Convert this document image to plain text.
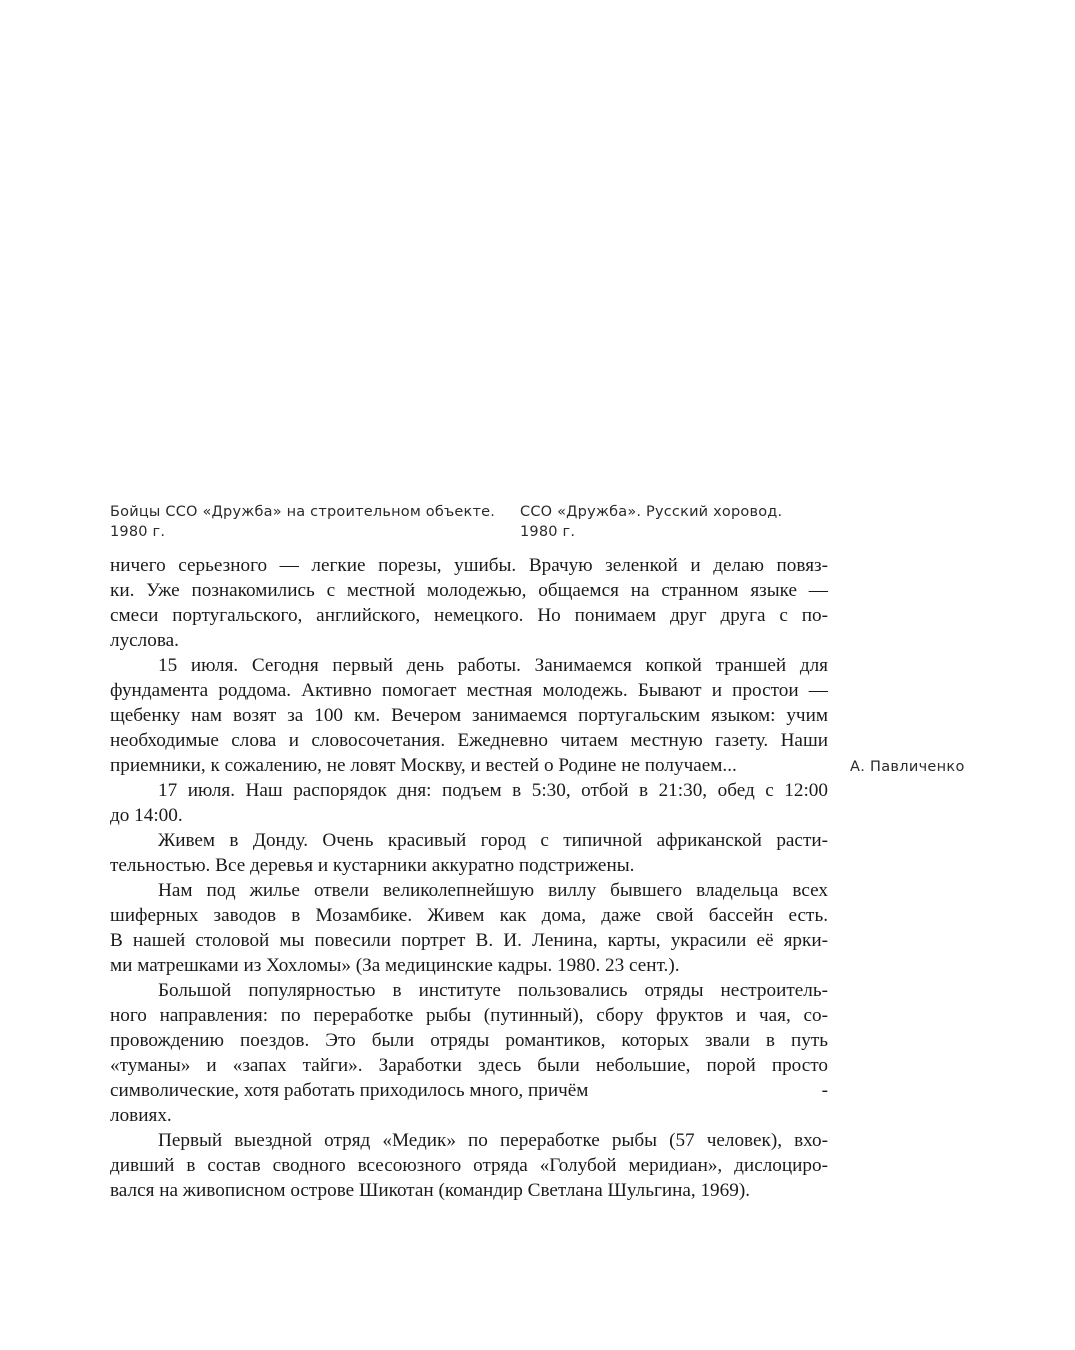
Бойцы ССО «Дружба» на строительном объекте.
1980 г.
ССО «Дружба». Русский хоровод.
1980 г.
А. Павличенко

ничего серьезного — легкие порезы, ушибы. Врачую зеленкой и делаю повяз-
ки. Уже познакомились с местной молодежью, общаемся на странном языке —
смеси португальского, английского, немецкого. Но понимаем друг друга с по-
луслова.

15 июля. Сегодня первый день работы. Занимаемся копкой траншей для
фундамента роддома. Активно помогает местная молодежь. Бывают и простои —
щебенку нам возят за 100 км. Вечером занимаемся португальским языком: учим
необходимые слова и словосочетания. Ежедневно читаем местную газету. Наши
приемники, к сожалению, не ловят Москву, и вестей о Родине не получаем...

17 июля. Наш распорядок дня: подъем в 5:30, отбой в 21:30, обед с 12:00
до 14:00.

Живем в Донду. Очень красивый город с типичной африканской расти-
тельностью. Все деревья и кустарники аккуратно подстрижены.

Нам под жилье отвели великолепнейшую виллу бывшего владельца всех
шиферных заводов в Мозамбике. Живем как дома, даже свой бассейн есть.
В нашей столовой мы повесили портрет В. И. Ленина, карты, украсили её ярки-
ми матрешками из Хохломы» (За медицинские кадры. 1980. 23 сент.).

Большой популярностью в институте пользовались отряды нестроитель-
ного направления: по переработке рыбы (путинный), сбору фруктов и чая, со-
провождению поездов. Это были отряды романтиков, которых звали в путь
«туманы» и «запах тайги». Заработки здесь были небольшие, порой просто
символические, хотя работать приходилось много, причём	-
ловиях.

Первый выездной отряд «Медик» по переработке рыбы (57 человек), вхо-
дивший в состав сводного всесоюзного отряда «Голубой меридиан», дислоциро-
вался на живописном острове Шикотан (командир Светлана Шульгина, 1969).
